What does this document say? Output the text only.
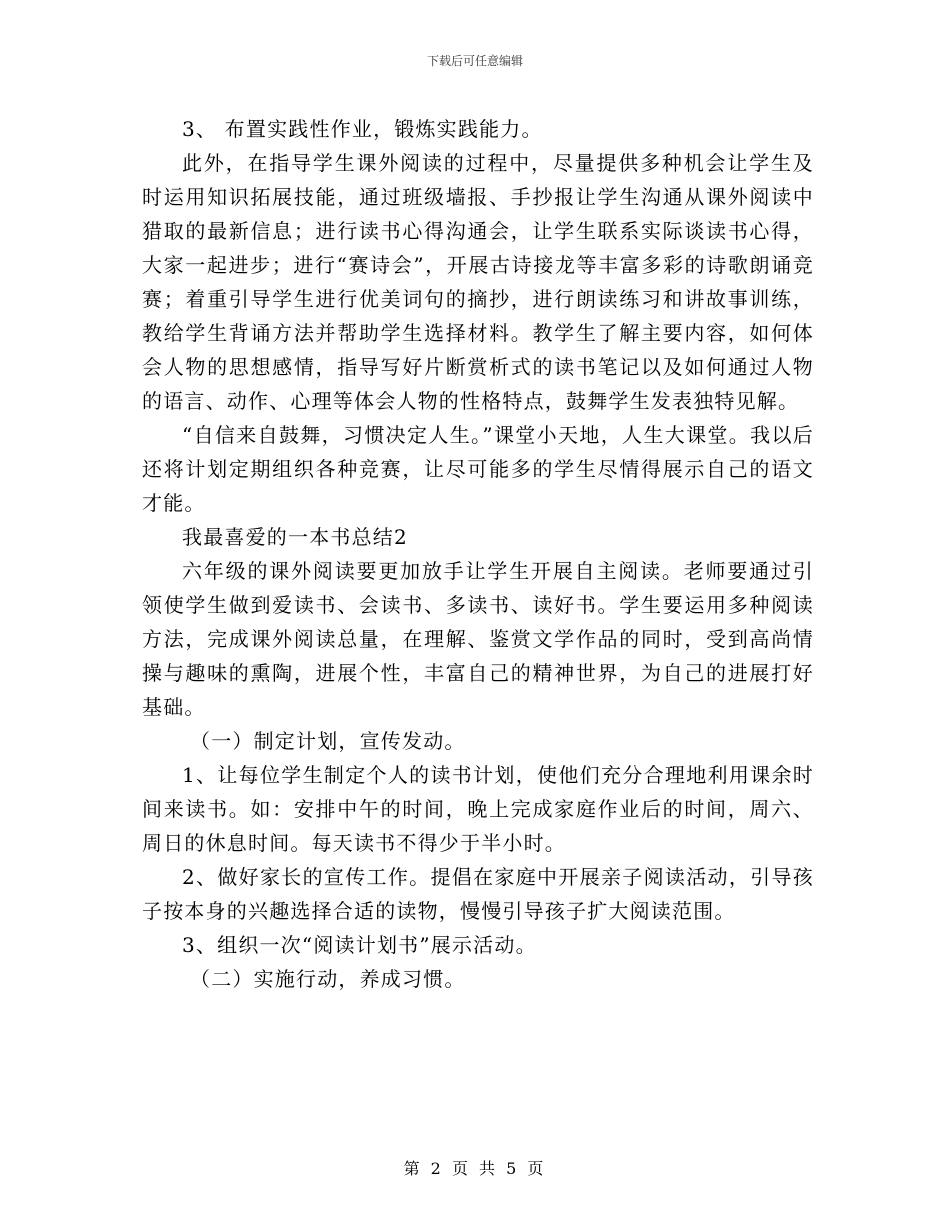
下载后可任意编辑

3、 布置实践性作业，锻炼实践能力。

此外，在指导学生课外阅读的过程中，尽量提供多种机会让学生及时运用知识拓展技能，通过班级墙报、手抄报让学生沟通从课外阅读中猎取的最新信息；进行读书心得沟通会，让学生联系实际谈读书心得，大家一起进步；进行“赛诗会”，开展古诗接龙等丰富多彩的诗歌朗诵竞赛；着重引导学生进行优美词句的摘抄，进行朗读练习和讲故事训练，教给学生背诵方法并帮助学生选择材料。教学生了解主要内容，如何体会人物的思想感情，指导写好片断赏析式的读书笔记以及如何通过人物的语言、动作、心理等体会人物的性格特点，鼓舞学生发表独特见解。

“自信来自鼓舞，习惯决定人生。”课堂小天地，人生大课堂。我以后还将计划定期组织各种竞赛，让尽可能多的学生尽情得展示自己的语文才能。

我最喜爱的一本书总结2

六年级的课外阅读要更加放手让学生开展自主阅读。老师要通过引领使学生做到爱读书、会读书、多读书、读好书。学生要运用多种阅读方法，完成课外阅读总量，在理解、鉴赏文学作品的同时，受到高尚情操与趣味的熏陶，进展个性，丰富自己的精神世界，为自己的进展打好基础。

（一）制定计划，宣传发动。

1、让每位学生制定个人的读书计划，使他们充分合理地利用课余时间来读书。如：安排中午的时间，晚上完成家庭作业后的时间，周六、周日的休息时间。每天读书不得少于半小时。

2、做好家长的宣传工作。提倡在家庭中开展亲子阅读活动，引导孩子按本身的兴趣选择合适的读物，慢慢引导孩子扩大阅读范围。

3、组织一次“阅读计划书”展示活动。

（二）实施行动，养成习惯。

第 2 页 共 5 页
